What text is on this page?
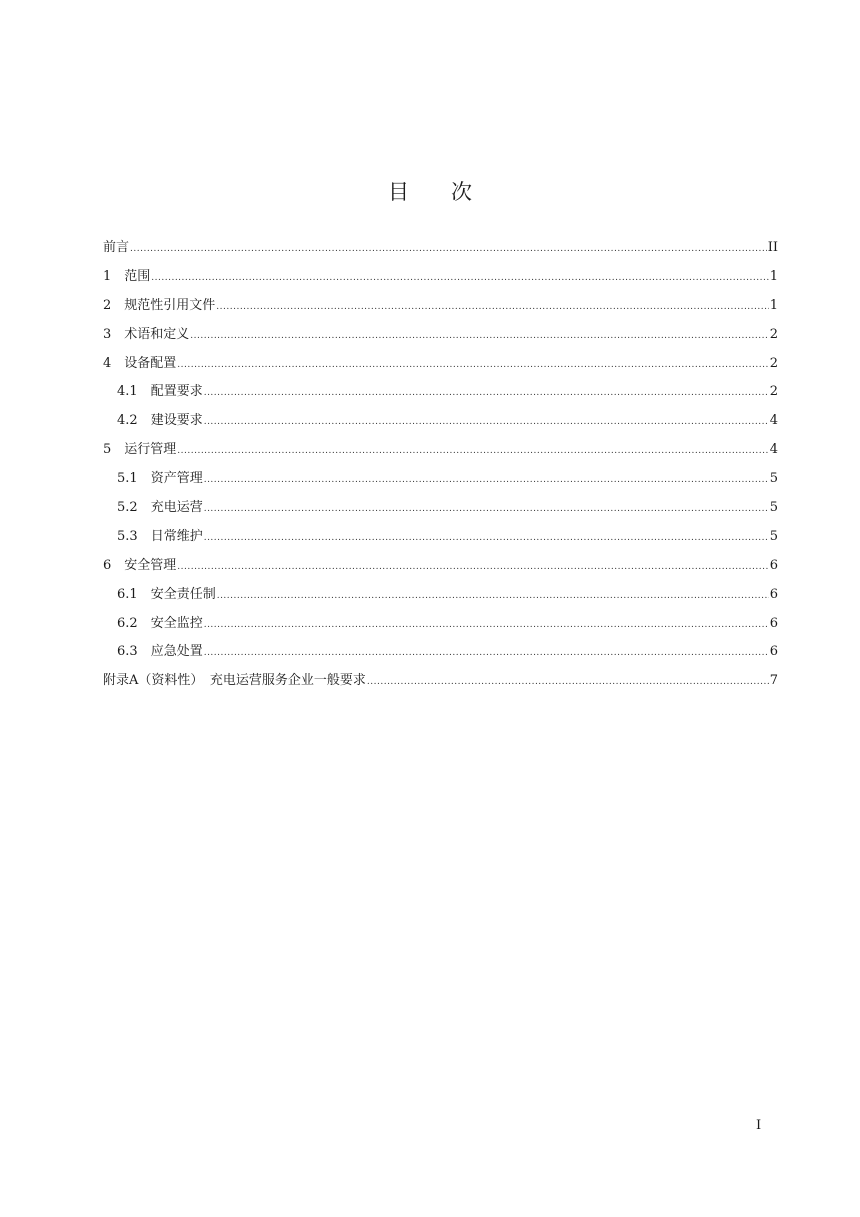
目　　次
前言 .....	II
1　 范围 .....	1
2　 规范性引用文件 .....	1
3　 术语和定义 .....	2
4　 设备配置 .....	2
4.1　 配置要求 .....	2
4.2　 建设要求 .....	4
5　 运行管理 .....	4
5.1　 资产管理 .....	5
5.2　 充电运营 .....	5
5.3　 日常维护 .....	5
6　 安全管理 .....	6
6.1　 安全责任制 .....	6
6.2　 安全监控 .....	6
6.3　 应急处置 .....	6
附录A（资料性）　 充电运营服务企业一般要求 .....	7
I
